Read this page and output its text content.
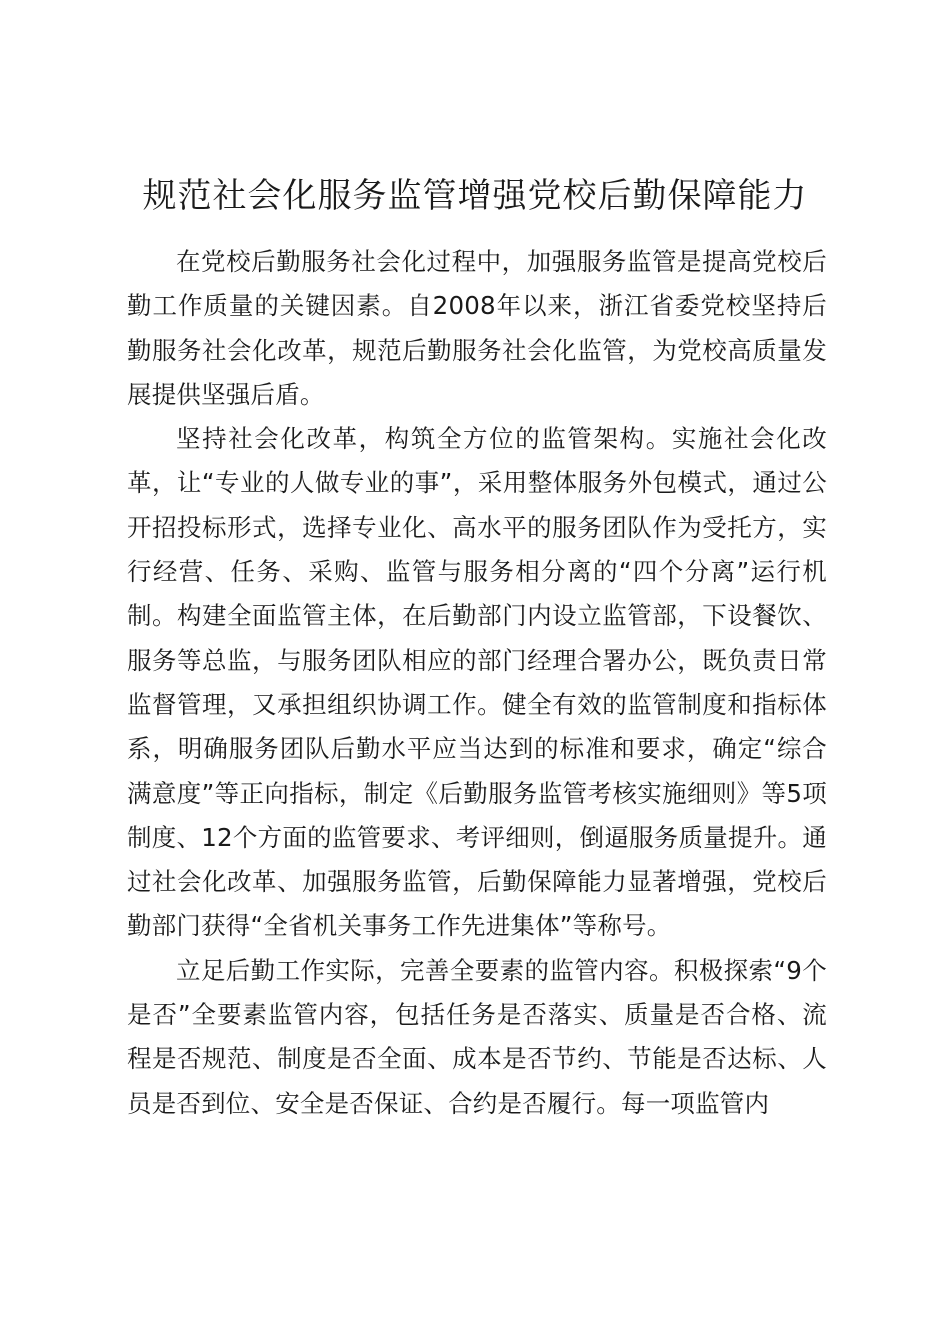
规范社会化服务监管增强党校后勤保障能力

在党校后勤服务社会化过程中，加强服务监管是提高党校后勤工作质量的关键因素。自2008年以来，浙江省委党校坚持后勤服务社会化改革，规范后勤服务社会化监管，为党校高质量发展提供坚强后盾。

坚持社会化改革，构筑全方位的监管架构。实施社会化改革，让“专业的人做专业的事”，采用整体服务外包模式，通过公开招投标形式，选择专业化、高水平的服务团队作为受托方，实行经营、任务、采购、监管与服务相分离的“四个分离”运行机制。构建全面监管主体，在后勤部门内设立监管部，下设餐饮、服务等总监，与服务团队相应的部门经理合署办公，既负责日常监督管理，又承担组织协调工作。健全有效的监管制度和指标体系，明确服务团队后勤水平应当达到的标准和要求，确定“综合满意度”等正向指标，制定《后勤服务监管考核实施细则》等5项制度、12个方面的监管要求、考评细则，倒逼服务质量提升。通过社会化改革、加强服务监管，后勤保障能力显著增强，党校后勤部门获得“全省机关事务工作先进集体”等称号。

立足后勤工作实际，完善全要素的监管内容。积极探索“9个是否”全要素监管内容，包括任务是否落实、质量是否合格、流程是否规范、制度是否全面、成本是否节约、节能是否达标、人员是否到位、安全是否保证、合约是否履行。每一项监管内
